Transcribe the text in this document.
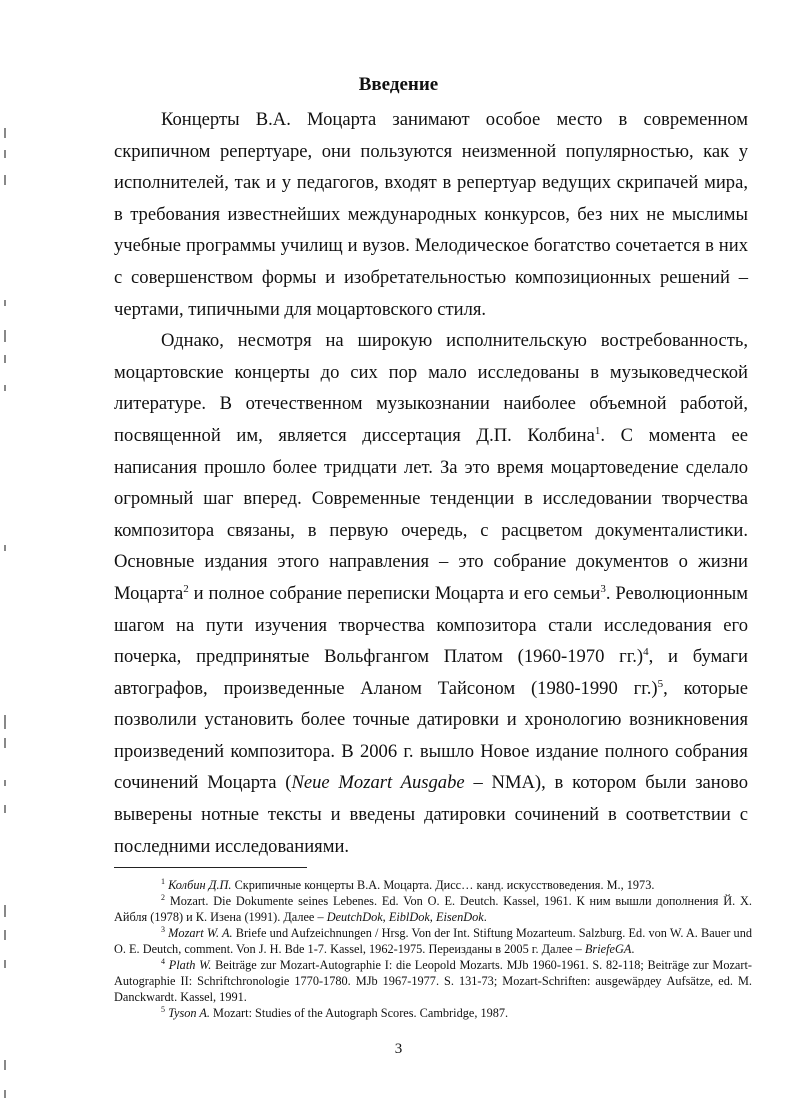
Введение

Концерты В.А. Моцарта занимают особое место в современном скрипичном репертуаре, они пользуются неизменной популярностью, как у исполнителей, так и у педагогов, входят в репертуар ведущих скрипачей мира, в требования известнейших международных конкурсов, без них не мыслимы учебные программы училищ и вузов. Мелодическое богатство сочетается в них с совершенством формы и изобретательностью композиционных решений – чертами, типичными для моцартовского стиля.

Однако, несмотря на широкую исполнительскую востребованность, моцартовские концерты до сих пор мало исследованы в музыковедческой литературе. В отечественном музыкознании наиболее объемной работой, посвященной им, является диссертация Д.П. Колбина$^1$. С момента ее написания прошло более тридцати лет. За это время моцартоведение сделало огромный шаг вперед. Современные тенденции в исследовании творчества композитора связаны, в первую очередь, с расцветом документалистики. Основные издания этого направления – это собрание документов о жизни Моцарта$^2$ и полное собрание переписки Моцарта и его семьи$^3$. Революционным шагом на пути изучения творчества композитора стали исследования его почерка, предпринятые Вольфгангом Платом (1960-1970 гг.)$^4$, и бумаги автографов, произведенные Аланом Тайсоном (1980-1990 гг.)$^5$, которые позволили установить более точные датировки и хронологию возникновения произведений композитора. В 2006 г. вышло Новое издание полного собрания сочинений Моцарта (Neue Mozart Ausgabe – NMA), в котором были заново выверены нотные тексты и введены датировки сочинений в соответствии с последними исследованиями.

$^1$ Колбин Д.П. Скрипичные концерты В.А. Моцарта. Дисс… канд. искусствоведения. М., 1973.

$^2$ Mozart. Die Dokumente seines Lebenes. Ed. Von O. E. Deutch. Kassel, 1961. К ним вышли дополнения Й. Х. Айбля (1978) и К. Изена (1991). Далее – DeutchDok, EiblDok, EisenDok.

$^3$ Mozart W. A. Briefe und Aufzeichnungen / Hrsg. Von der Int. Stiftung Mozarteum. Salzburg. Ed. von W. A. Bauer und O. E. Deutch, comment. Von J. H. Bde 1-7. Kassel, 1962-1975. Переизданы в 2005 г. Далее – BriefeGA.

$^4$ Plath W. Beiträge zur Mozart-Autographie I: die Leopold Mozarts. MJb 1960-1961. S. 82-118; Beiträge zur Mozart-Autographie II: Schriftchronologie 1770-1780. MJb 1967-1977. S. 131-73; Mozart-Schriften: ausgewäpдеу Aufsätze, ed. M. Danckwardt. Kassel, 1991.

$^5$ Tyson A. Mozart: Studies of the Autograph Scores. Cambridge, 1987.

3
